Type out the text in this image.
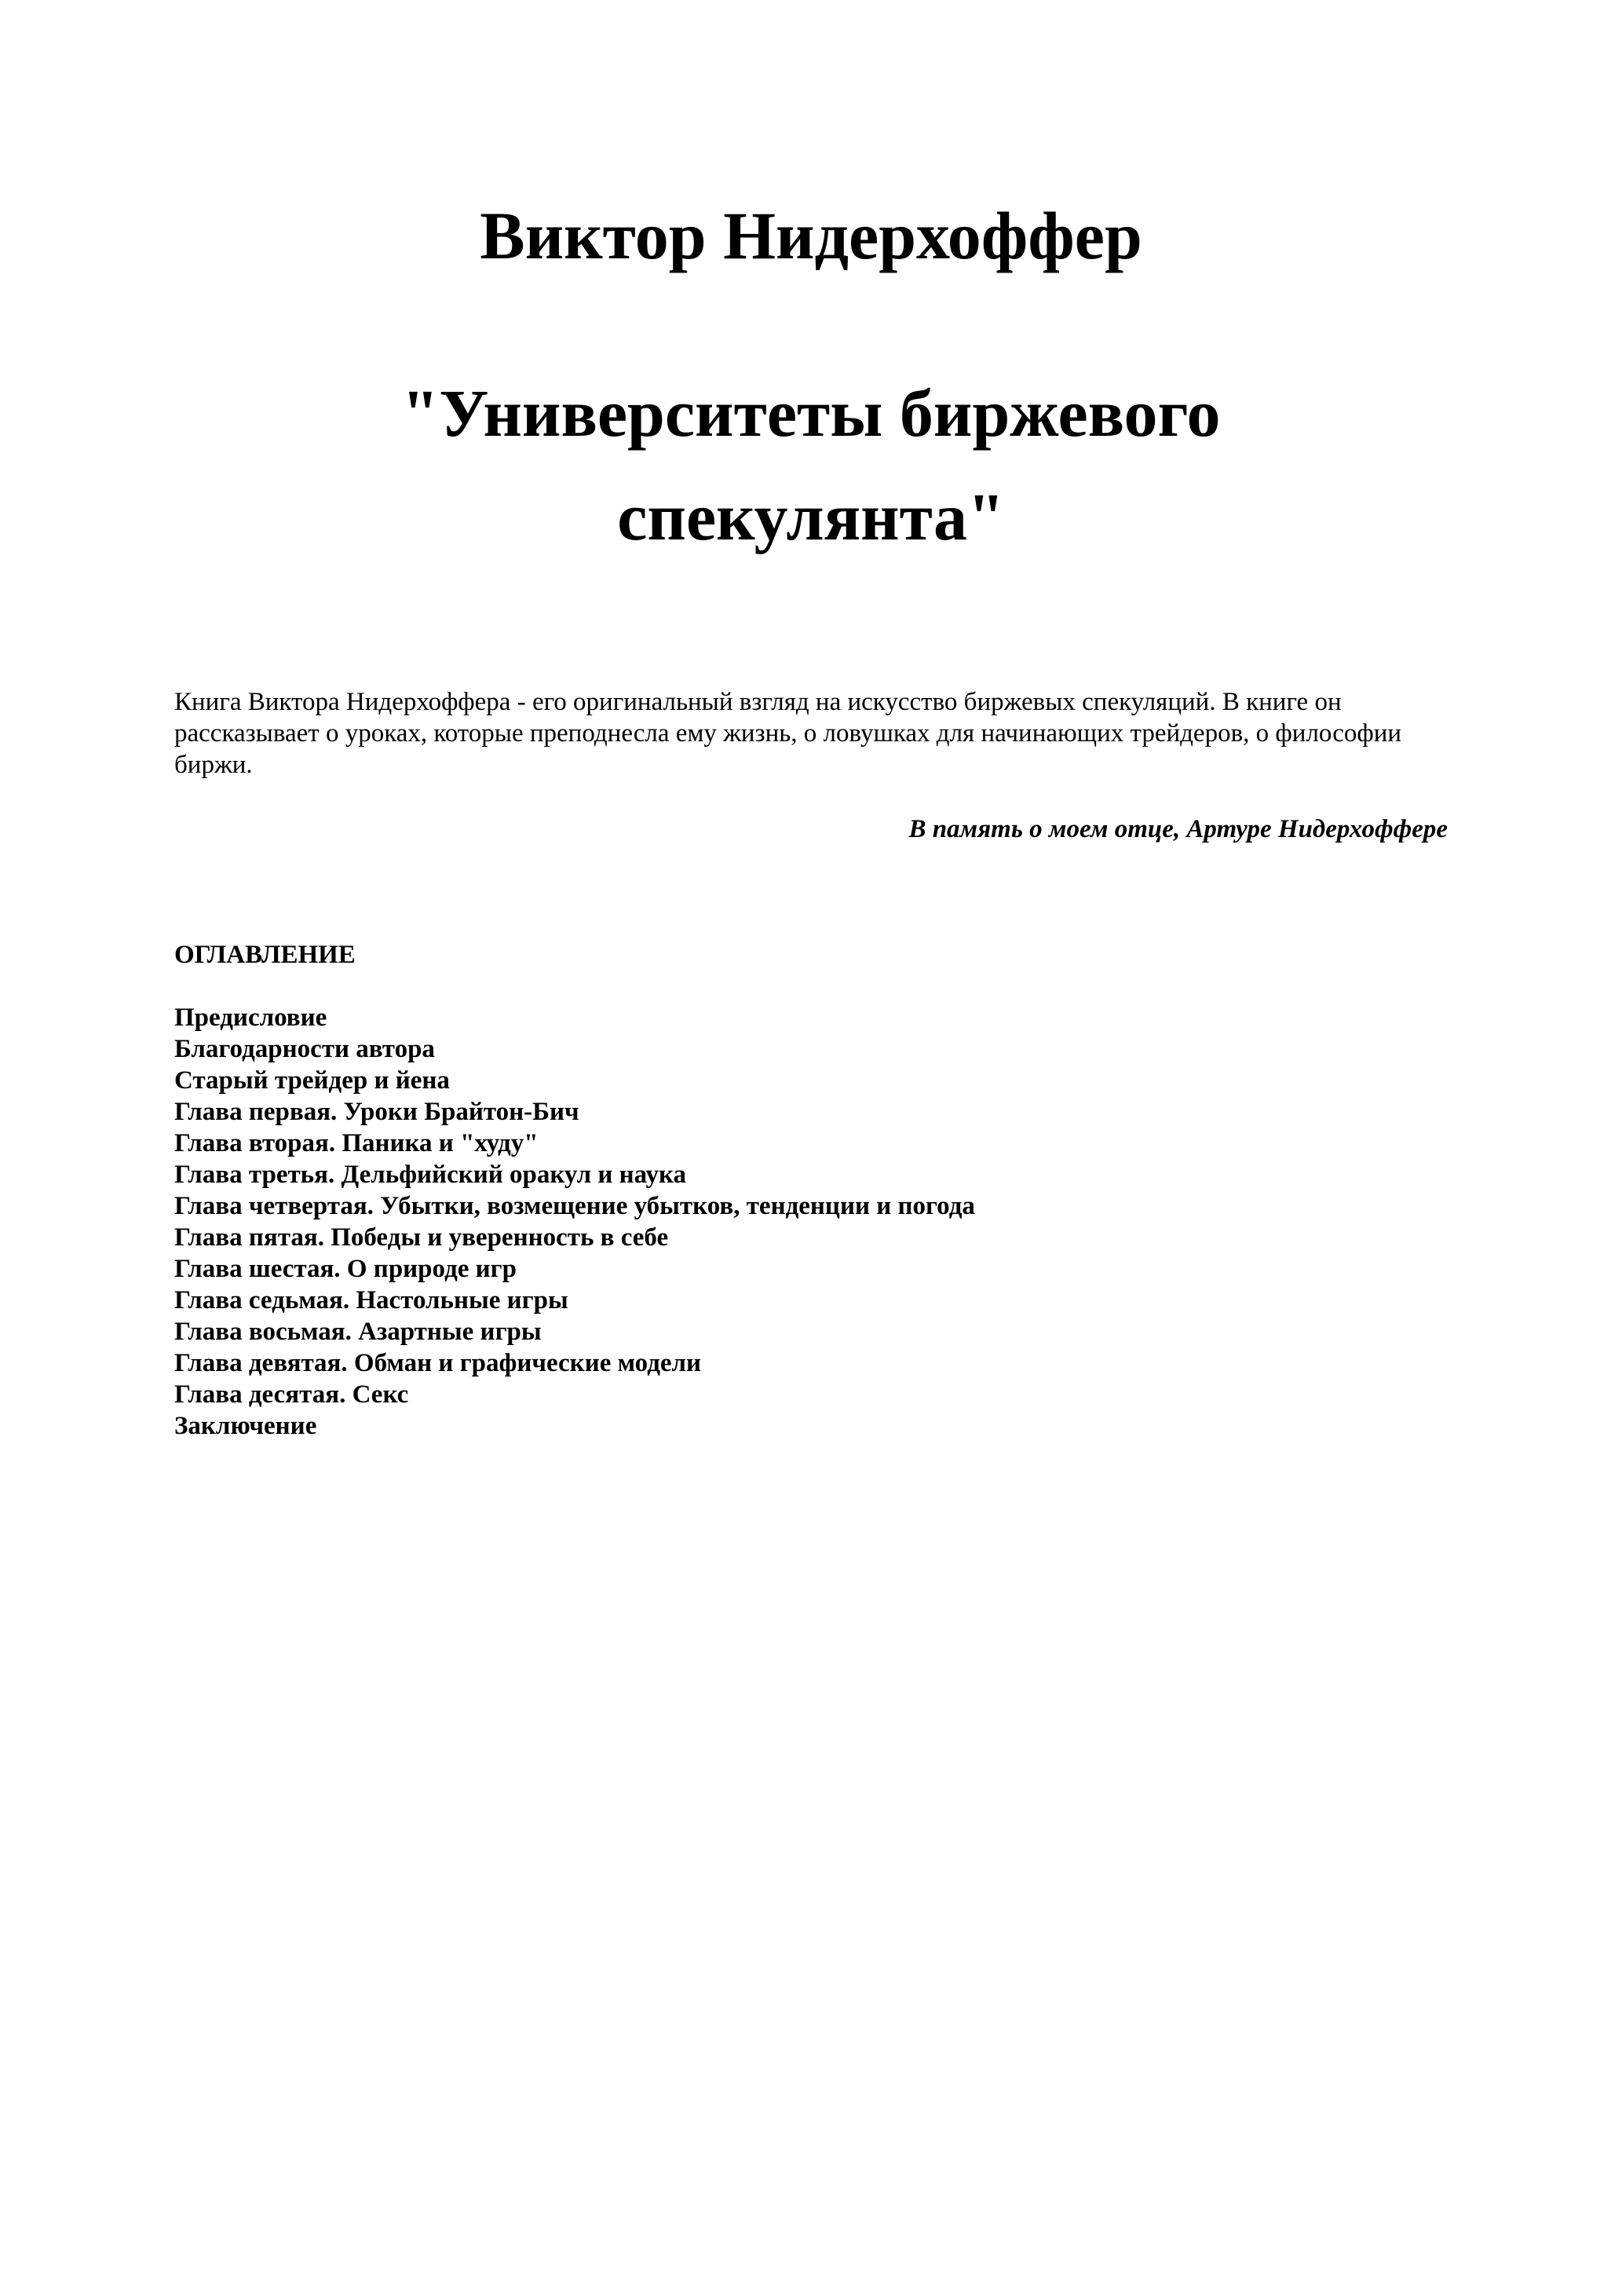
Виктор Нидерхоффер
"Университеты биржевого
спекулянта"

Книга Виктора Нидерхоффера - его оригинальный взгляд на искусство биржевых спекуляций. В книге он рассказывает о уроках, которые преподнесла ему жизнь, о ловушках для начинающих трейдеров, о философии биржи.

В память о моем отце, Артуре Нидерхоффере

ОГЛАВЛЕНИЕ

Предисловие
Благодарности автора
Старый трейдер и йена
Глава первая. Уроки Брайтон-Бич
Глава вторая. Паника и "худу"
Глава третья. Дельфийский оракул и наука
Глава четвертая. Убытки, возмещение убытков, тенденции и погода
Глава пятая. Победы и уверенность в себе
Глава шестая. О природе игр
Глава седьмая. Настольные игры
Глава восьмая. Азартные игры
Глава девятая. Обман и графические модели
Глава десятая. Секс
Заключение
